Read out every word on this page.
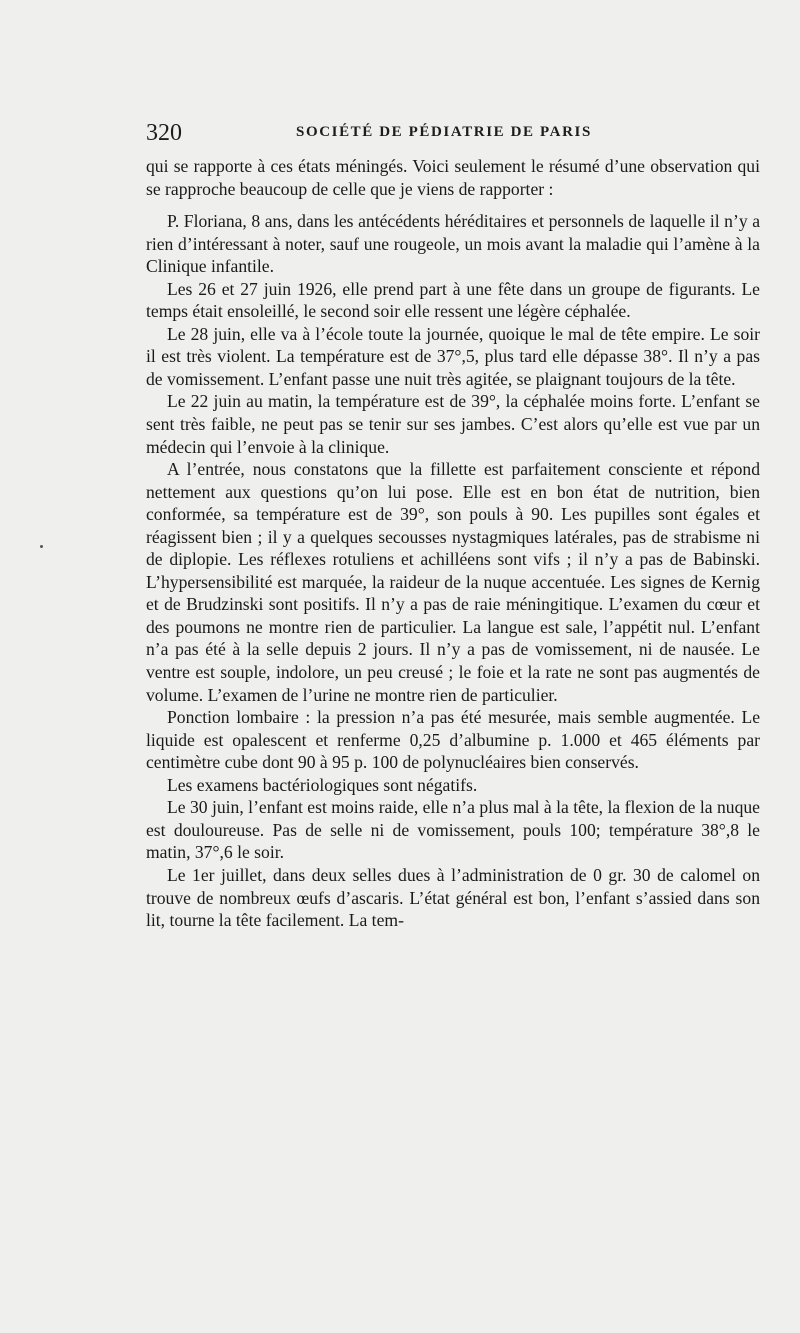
320	SOCIÉTÉ DE PÉDIATRIE DE PARIS

qui se rapporte à ces états méningés. Voici seulement le résumé d’une observation qui se rapproche beaucoup de celle que je viens de rapporter :

P. Floriana, 8 ans, dans les antécédents héréditaires et personnels de laquelle il n’y a rien d’intéressant à noter, sauf une rougeole, un mois avant la maladie qui l’amène à la Clinique infantile.

Les 26 et 27 juin 1926, elle prend part à une fête dans un groupe de figurants. Le temps était ensoleillé, le second soir elle ressent une légère céphalée.

Le 28 juin, elle va à l’école toute la journée, quoique le mal de tête empire. Le soir il est très violent. La température est de 37°,5, plus tard elle dépasse 38°. Il n’y a pas de vomissement. L’enfant passe une nuit très agitée, se plaignant toujours de la tête.

Le 22 juin au matin, la température est de 39°, la céphalée moins forte. L’enfant se sent très faible, ne peut pas se tenir sur ses jambes. C’est alors qu’elle est vue par un médecin qui l’envoie à la clinique.

A l’entrée, nous constatons que la fillette est parfaitement consciente et répond nettement aux questions qu’on lui pose. Elle est en bon état de nutrition, bien conformée, sa température est de 39°, son pouls à 90. Les pupilles sont égales et réagissent bien ; il y a quelques secousses nystagmiques latérales, pas de strabisme ni de diplopie. Les réflexes rotuliens et achilléens sont vifs ; il n’y a pas de Babinski. L’hypersensibilité est marquée, la raideur de la nuque accentuée. Les signes de Kernig et de Brudzinski sont positifs. Il n’y a pas de raie méningitique. L’examen du cœur et des poumons ne montre rien de particulier. La langue est sale, l’appétit nul. L’enfant n’a pas été à la selle depuis 2 jours. Il n’y a pas de vomissement, ni de nausée. Le ventre est souple, indolore, un peu creusé ; le foie et la rate ne sont pas augmentés de volume. L’examen de l’urine ne montre rien de particulier.

Ponction lombaire : la pression n’a pas été mesurée, mais semble augmentée. Le liquide est opalescent et renferme 0,25 d’albumine p. 1.000 et 465 éléments par centimètre cube dont 90 à 95 p. 100 de polynucléaires bien conservés.

Les examens bactériologiques sont négatifs.

Le 30 juin, l’enfant est moins raide, elle n’a plus mal à la tête, la flexion de la nuque est douloureuse. Pas de selle ni de vomissement, pouls 100; température 38°,8 le matin, 37°,6 le soir.

Le 1er juillet, dans deux selles dues à l’administration de 0 gr. 30 de calomel on trouve de nombreux œufs d’ascaris. L’état général est bon, l’enfant s’assied dans son lit, tourne la tête facilement. La tem-
